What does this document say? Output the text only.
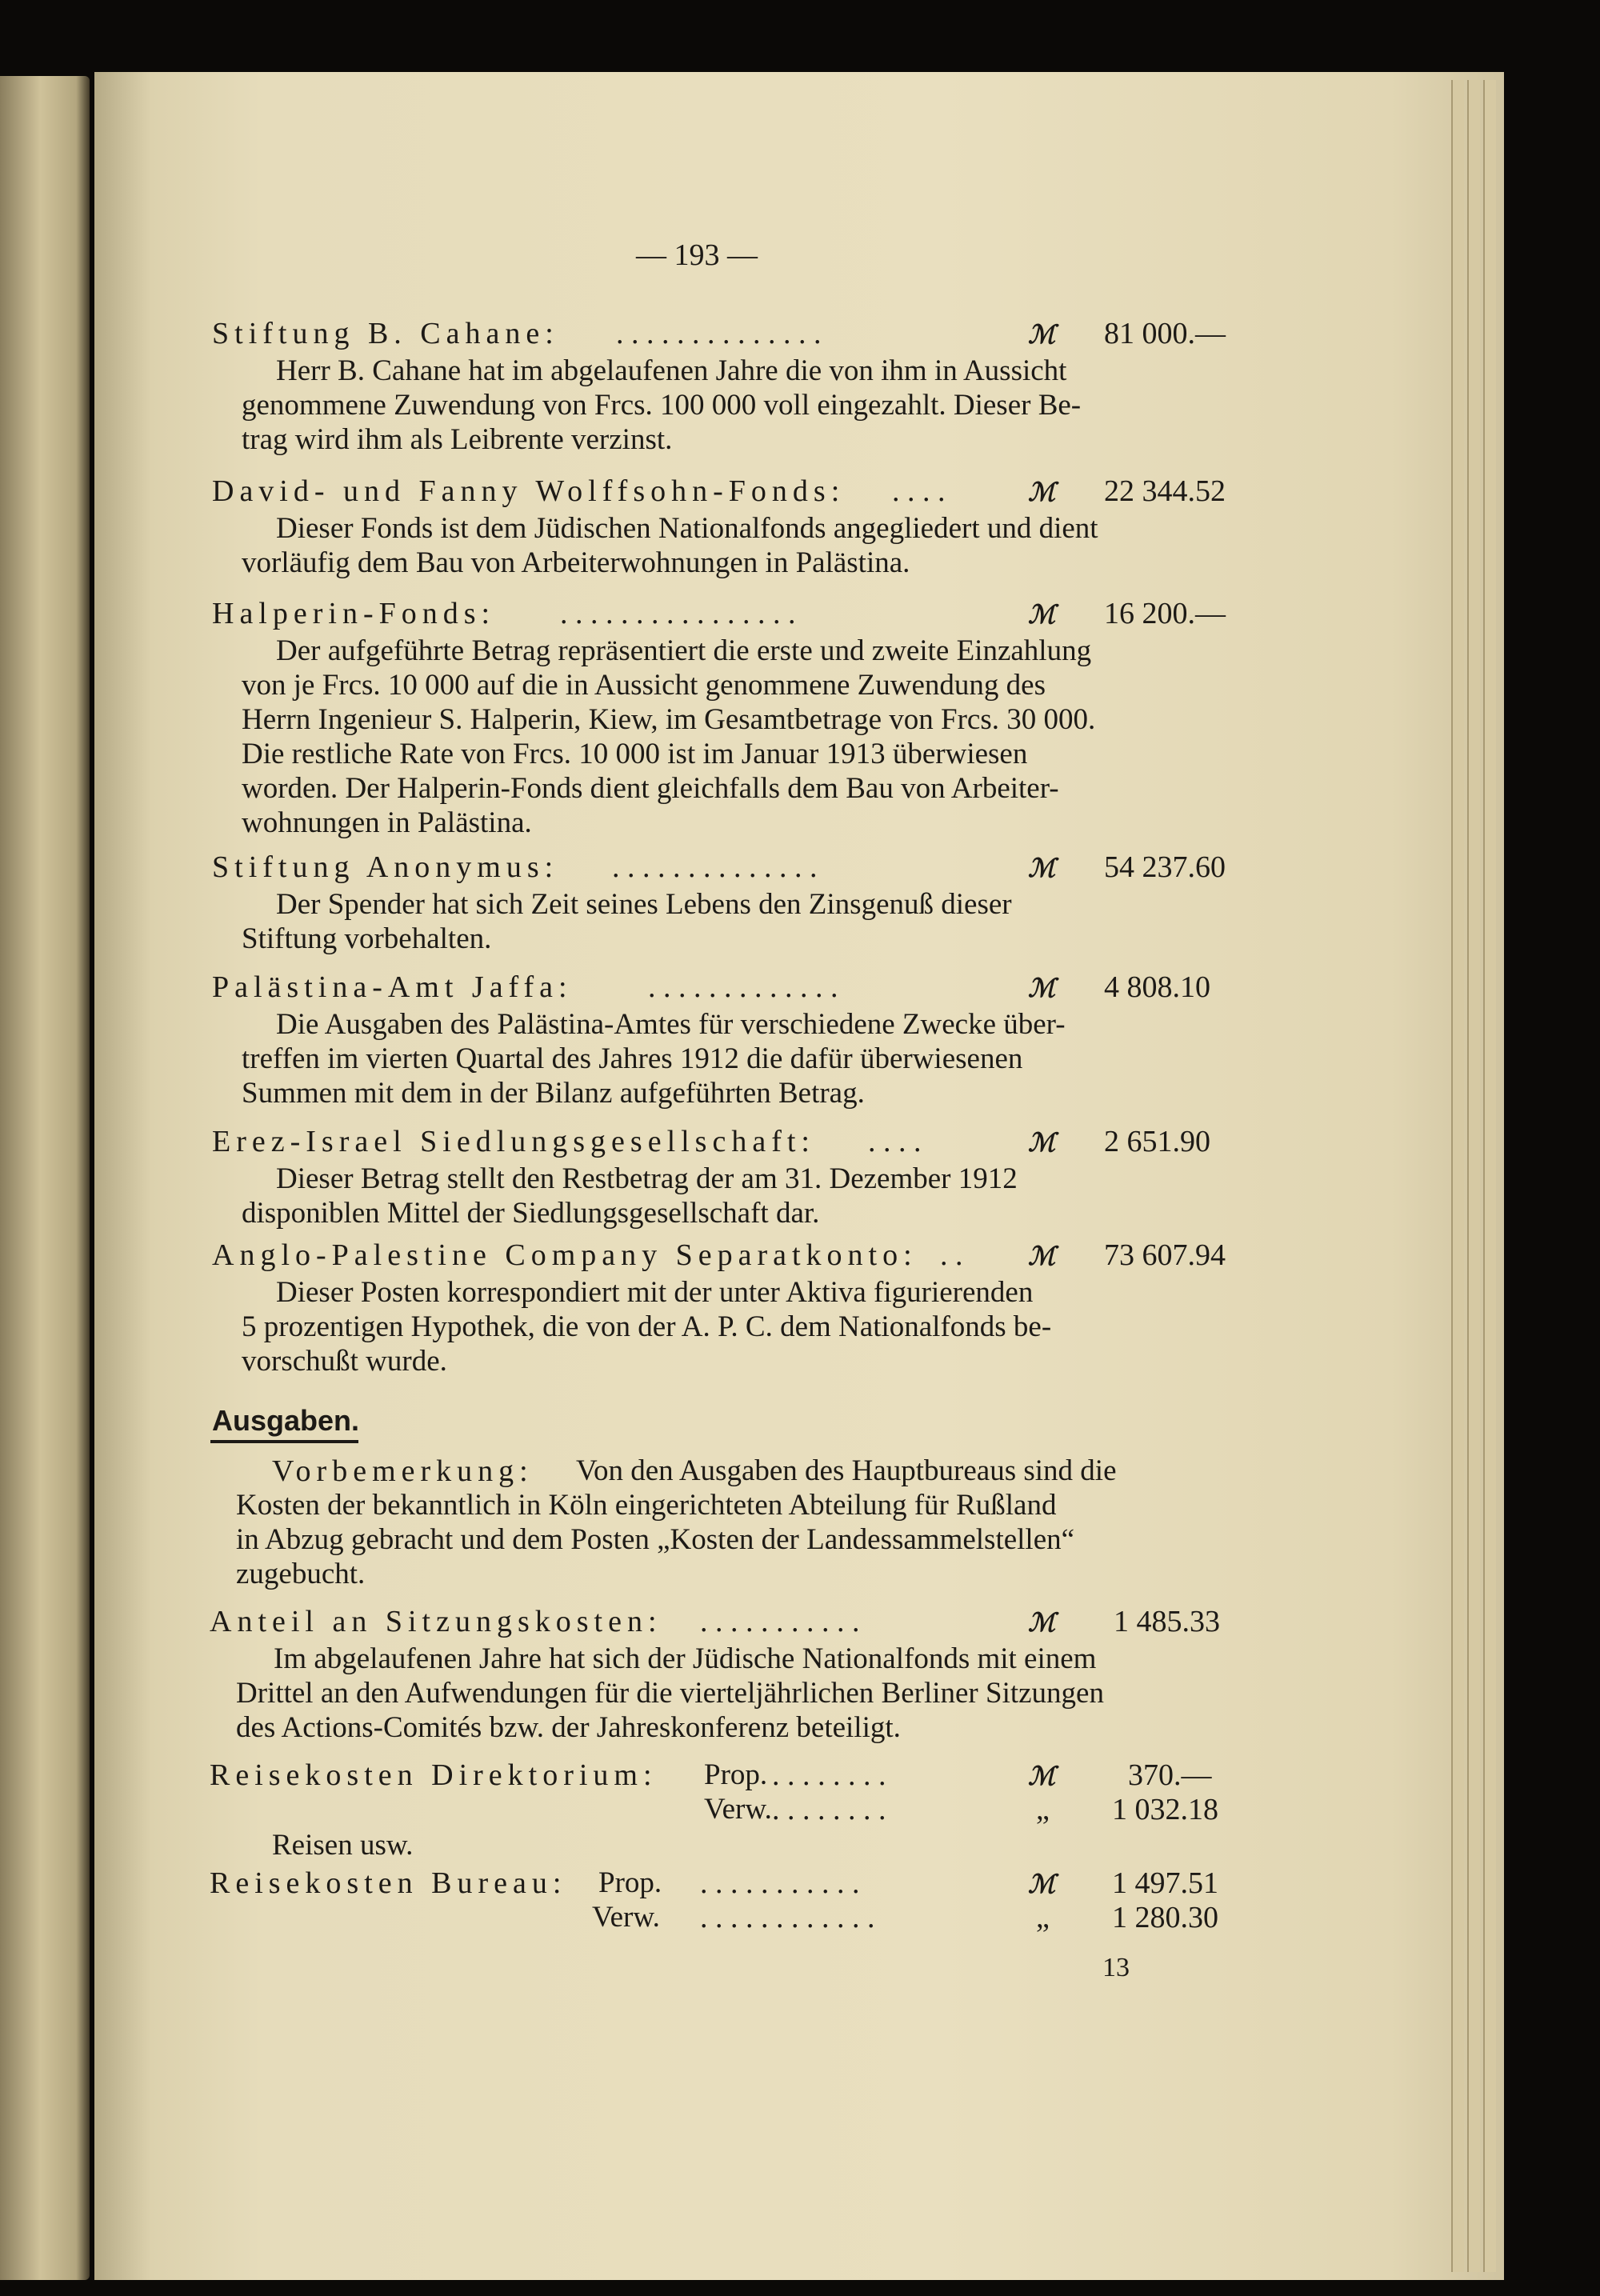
— 193 —
Stiftung B. Cahane: . . . . . . . . . . . . . .	ℳ 81 000.—
Herr B. Cahane hat im abgelaufenen Jahre die von ihm in Aussicht
genommene Zuwendung von Frcs. 100 000 voll eingezahlt. Dieser Be-
trag wird ihm als Leibrente verzinst.
David- und Fanny Wolffsohn-Fonds: . . . .	ℳ 22 344.52
Dieser Fonds ist dem Jüdischen Nationalfonds angegliedert und dient
vorläufig dem Bau von Arbeiterwohnungen in Palästina.
Halperin-Fonds: . . . . . . . . . . . . . . . .	ℳ 16 200.—
Der aufgeführte Betrag repräsentiert die erste und zweite Einzahlung
von je Frcs. 10 000 auf die in Aussicht genommene Zuwendung des
Herrn Ingenieur S. Halperin, Kiew, im Gesamtbetrage von Frcs. 30 000.
Die restliche Rate von Frcs. 10 000 ist im Januar 1913 überwiesen
worden. Der Halperin-Fonds dient gleichfalls dem Bau von Arbeiter-
wohnungen in Palästina.
Stiftung Anonymus: . . . . . . . . . . . . . .	ℳ 54 237.60
Der Spender hat sich Zeit seines Lebens den Zinsgenuß dieser
Stiftung vorbehalten.
Palästina-Amt Jaffa: . . . . . . . . . . . . .	ℳ 4 808.10
Die Ausgaben des Palästina-Amtes für verschiedene Zwecke über-
treffen im vierten Quartal des Jahres 1912 die dafür überwiesenen
Summen mit dem in der Bilanz aufgeführten Betrag.
Erez-Israel Siedlungsgesellschaft: . . . .	ℳ 2 651.90
Dieser Betrag stellt den Restbetrag der am 31. Dezember 1912
disponiblen Mittel der Siedlungsgesellschaft dar.
Anglo-Palestine Company Separatkonto: . .	ℳ 73 607.94
Dieser Posten korrespondiert mit der unter Aktiva figurierenden
5 prozentigen Hypothek, die von der A. P. C. dem Nationalfonds be-
vorschußt wurde.
Ausgaben.
Vorbemerkung: Von den Ausgaben des Hauptbureaus sind die
Kosten der bekanntlich in Köln eingerichteten Abteilung für Rußland
in Abzug gebracht und dem Posten „Kosten der Landessammelstellen“
zugebucht.
Anteil an Sitzungskosten: . . . . . . . . . . .	ℳ 1 485.33
Im abgelaufenen Jahre hat sich der Jüdische Nationalfonds mit einem
Drittel an den Aufwendungen für die vierteljährlichen Berliner Sitzungen
des Actions-Comités bzw. der Jahreskonferenz beteiligt.
Reisekosten Direktorium: Prop. . . . . . . . .	ℳ 370.—
Verw. . . . . . . . .	„ 1 032.18
Reisen usw.
Reisekosten Bureau: Prop. . . . . . . . . . . .	ℳ 1 497.51
Verw. . . . . . . . . . . . .	„ 1 280.30
13
